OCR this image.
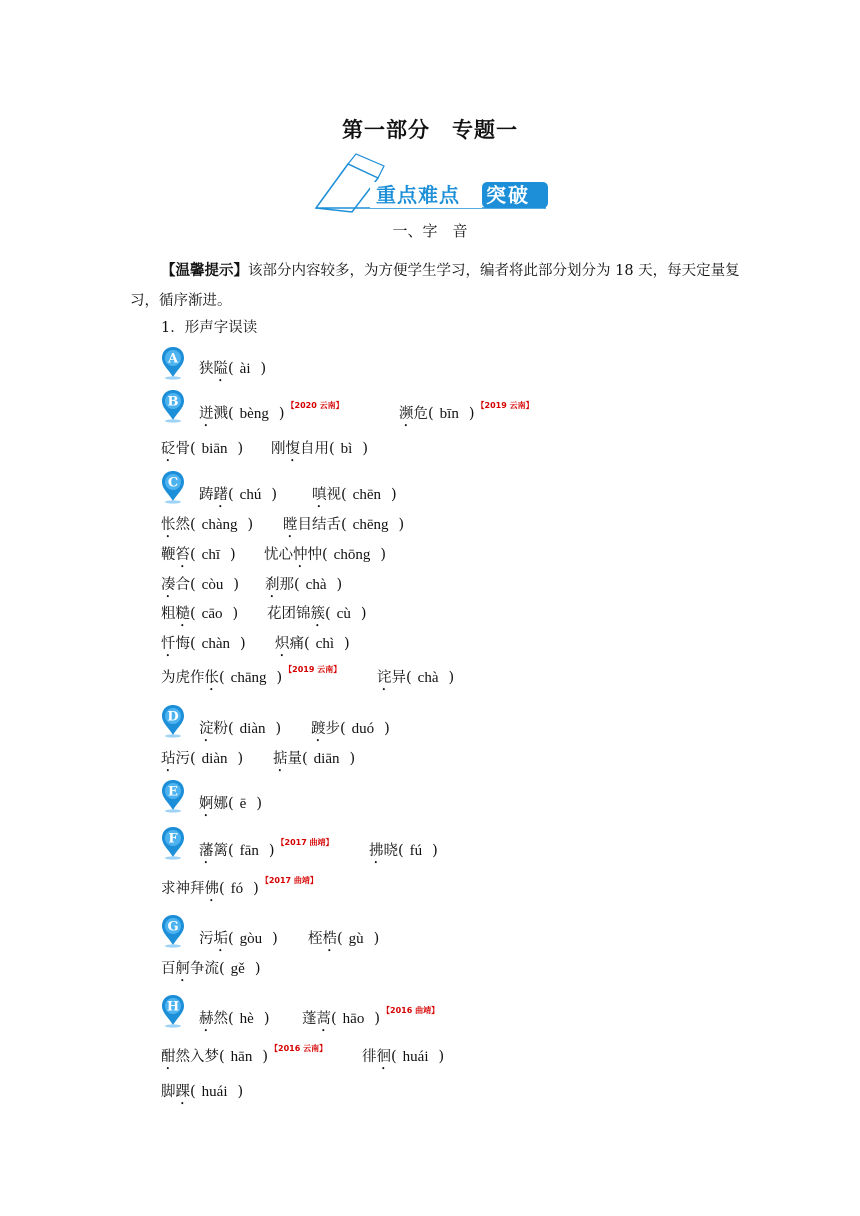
第一部分　专题一
重点难点 突破
一、字　音
【温馨提示】该部分内容较多，为方便学生学习，编者将此部分划分为 18 天，每天定量复习，循序渐进。
1．形声字误读
A
B
C
D
E
F
G
H
狭隘( ài )
迸溅( bèng )$^{【2020 云南】}$
濒危( bīn )$^{【2019 云南】}$
砭骨( biān ) 刚愎自用( bì )
踌躇( chú ) 嗔视( chēn )
怅然( chàng ) 瞠目结舌( chēng )
鞭笞( chī ) 忧心忡忡( chōng )
凑合( còu ) 刹那( chà )
粗糙( cāo ) 花团锦簇( cù )
忏悔( chàn ) 炽痛( chì )
为虎作伥( chāng )$^{【2019 云南】}$
诧异( chà )
淀粉( diàn ) 踱步( duó )
玷污( diàn ) 掂量( diān )
婀娜( ē )
藩篱( fān )$^{【2017 曲靖】}$
拂晓( fú )
求神拜佛( fó )$^{【2017 曲靖】}$
污垢( gòu ) 桎梏( gù )
百舸争流( gě )
赫然( hè ) 蓬蒿( hāo )$^{【2016 曲靖】}$
酣然入梦( hān )$^{【2016 云南】}$
徘徊( huái )
脚踝( huái )
